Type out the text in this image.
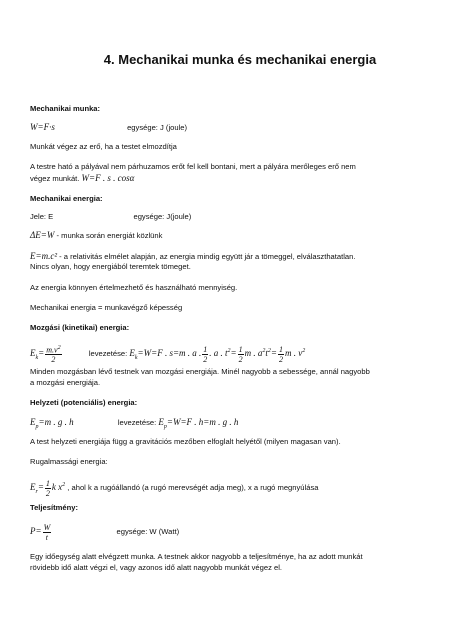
4. Mechanikai munka és mechanikai energia
Mechanikai munka:
W=F·s	egysége: J (joule)
Munkát végez az erő, ha a testet elmozdítja
A testre ható a pályával nem párhuzamos erőt fel kell bontani, mert a pályára merőleges erő nem
végez munkát. W=F . s . cosα
Mechanikai energia:
Jele: E	egysége: J(joule)
ΔE=W - munka során energiát közlünk
E=m.c² - a relativitás elmélet alapján, az energia mindig együtt jár a tömeggel, elválaszthatatlan.
Nincs olyan, hogy energiából teremtek tömeget.
Az energia könnyen értelmezhető és használható mennyiség.
Mechanikai energia = munkavégző képesség
Mozgási (kinetikai) energia:
$E_k= \frac{m.v^2}{2}$	levezetése: $E_k=W=F$ . s=m . a . $\frac{1}{2}$ . a . $t^2= \frac{1}{2}$ m . $a^2t^2= \frac{1}{2}$ m . $v^2$
Minden mozgásban lévő testnek van mozgási energiája. Minél nagyobb a sebessége, annál nagyobb
a mozgási energiája.
Helyzeti (potenciális) energia:
$E_p=m$ . g . h	levezetése: $E_p=W=F$ . h=m . g . h
A test helyzeti energiája függ a gravitációs mezőben elfoglalt helyétől (milyen magasan van).
Rugalmassági energia:
$E_r= \frac{1}{2}$ k $x^2$ , ahol k a rugóállandó (a rugó merevségét adja meg), x a rugó megnyúlása
Teljesítmény:
$P= \frac{W}{t}$	egysége: W (Watt)
Egy időegység alatt elvégzett munka. A testnek akkor nagyobb a teljesítménye, ha az adott munkát
rövidebb idő alatt végzi el, vagy azonos idő alatt nagyobb munkát végez el.
